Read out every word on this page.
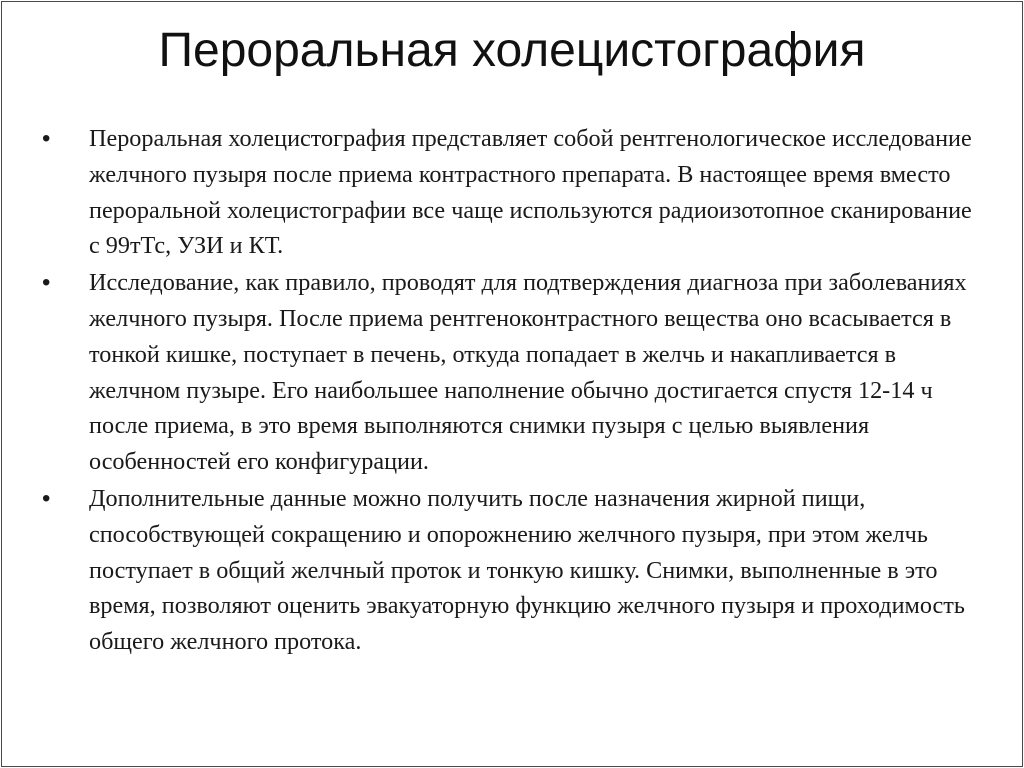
Пероральная холецистография
•	Пероральная холецистография представляет собой рентгенологическое исследование желчного пузыря после приема контрастного препарата. В настоящее время вместо пероральной холецистографии все чаще используются радиоизотопное сканирование с 99тТс, УЗИ и КТ.
•	Исследование, как правило, проводят для подтверждения диагноза при заболеваниях желчного пузыря. После приема рентгеноконтрастного вещества оно всасывается в тонкой кишке, поступает в печень, откуда попадает в желчь и накапливается в желчном пузыре. Его наибольшее наполнение обычно достигается спустя 12-14 ч после приема, в это время выполняются снимки пузыря с целью выявления особенностей его конфигурации.
•	Дополнительные данные можно получить после назначения жирной пищи, способствующей сокращению и опорожнению желчного пузыря, при этом желчь поступает в общий желчный проток и тонкую кишку. Снимки, выполненные в это время, позволяют оценить эвакуаторную функцию желчного пузыря и проходимость общего желчного протока.
